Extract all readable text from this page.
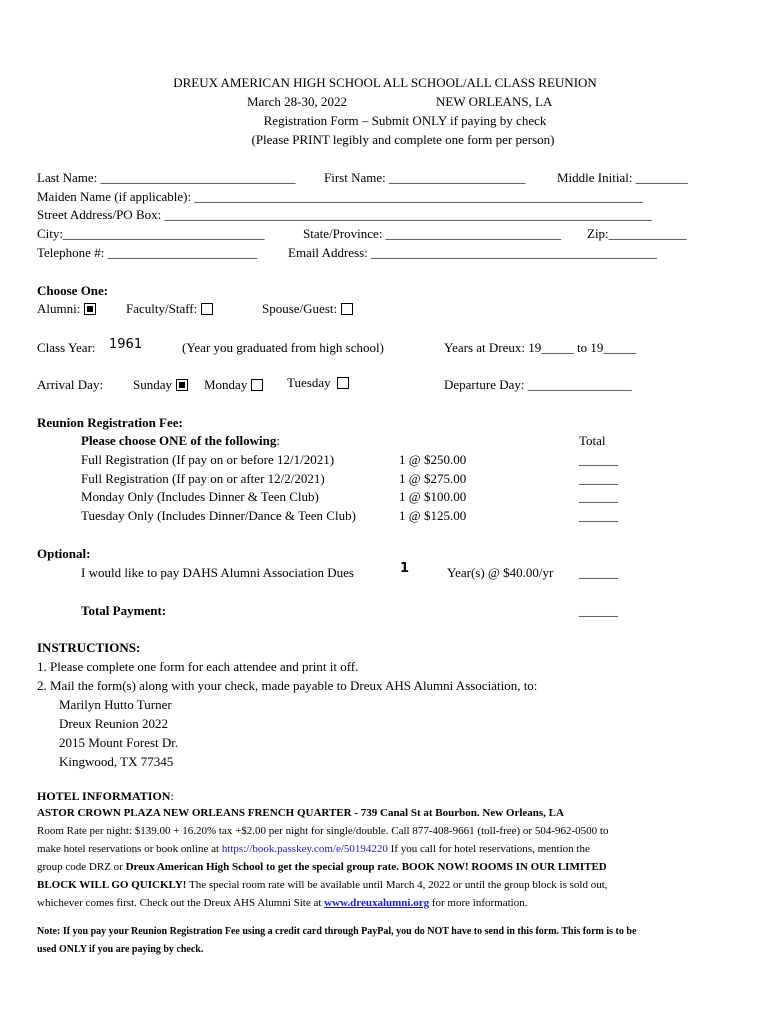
DREUX AMERICAN HIGH SCHOOL ALL SCHOOL/ALL CLASS REUNION
March 28-30, 2022	NEW ORLEANS, LA
Registration Form – Submit ONLY if paying by check
(Please PRINT legibly and complete one form per person)
Last Name: ______________________________ First Name: _____________________ Middle Initial: ________
Maiden Name (if applicable): _____________________________________________________________________
Street Address/PO Box: ___________________________________________________________________________
City:_______________________________	State/Province: ___________________________ Zip:____________
Telephone #: _______________________ Email Address: ____________________________________________
Choose One:
Alumni:	Faculty/Staff:	Spouse/Guest:
Class Year: 1961	(Year you graduated from high school)	Years at Dreux: 19_____ to 19_____
Arrival Day: Sunday	Monday	Tuesday	Departure Day: ________________
Reunion Registration Fee:
Please choose ONE of the following:	Total
Full Registration (If pay on or before 12/1/2021)	1 @ $250.00	______
Full Registration (If pay on or after 12/2/2021)	1 @ $275.00	______
Monday Only (Includes Dinner & Teen Club)	1 @ $100.00	______
Tuesday Only (Includes Dinner/Dance & Teen Club)	1 @ $125.00	______
Optional:
I would like to pay DAHS Alumni Association Dues	1	Year(s) @ $40.00/yr ______
Total Payment:	______
INSTRUCTIONS:
1. Please complete one form for each attendee and print it off.
2. Mail the form(s) along with your check, made payable to Dreux AHS Alumni Association, to:
Marilyn Hutto Turner
Dreux Reunion 2022
2015 Mount Forest Dr.
Kingwood, TX 77345
HOTEL INFORMATION:
ASTOR CROWN PLAZA NEW ORLEANS FRENCH QUARTER - 739 Canal St at Bourbon. New Orleans, LA
Room Rate per night: $139.00 + 16.20% tax +$2.00 per night for single/double. Call 877-408-9661 (toll-free) or 504-962-0500 to
make hotel reservations or book online at https://book.passkey.com/e/50194220 If you call for hotel reservations, mention the
group code DRZ or Dreux American High School to get the special group rate. BOOK NOW! ROOMS IN OUR LIMITED
BLOCK WILL GO QUICKLY! The special room rate will be available until March 4, 2022 or until the group block is sold out,
whichever comes first. Check out the Dreux AHS Alumni Site at www.dreuxalumni.org for more information.
Note: If you pay your Reunion Registration Fee using a credit card through PayPal, you do NOT have to send in this form. This form is to be
used ONLY if you are paying by check.
